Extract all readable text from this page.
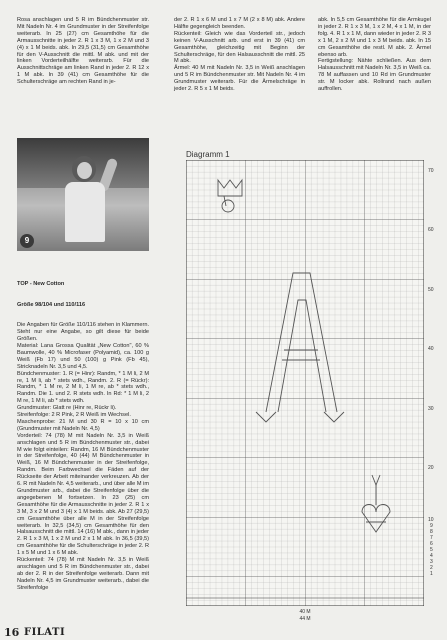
Rosa anschlagen und 5 R im Bündchenmuster str. Mit Nadeln Nr. 4 im Grundmuster in der Streifenfolge weiterarb. In 25 (27) cm Gesamthöhe für die Armausschnitte in jeder 2. R 1 x 3 M, 1 x 2 M und 3 (4) x 1 M beids. abk. In 29,5 (31,5) cm Gesamthöhe für den V-Ausschnitt die mittl. M abk. und mit der linken Vorderteilhälfte weiterarb. Für die Ausschnittschräge am linken Rand in jeder 2. R 12 x 1 M abk. In 39 (41) cm Gesamthöhe für die Schulterschräge am rechten Rand in je-
der 2. R 1 x 6 M und 1 x 7 M (2 x 8 M) abk. Andere Hälfte gegengleich beenden.
Rückenteil: Gleich wie das Vorderteil str., jedoch keinen V-Ausschnitt arb. und erst in 39 (41) cm Gesamthöhe, gleichzeitig mit Beginn der Schulterschräge, für den Halsausschnitt die mittl. 25 M abk.
Ärmel: 40 M mit Nadeln Nr. 3,5 in Weiß anschlagen und 5 R im Bündchenmuster str. Mit Nadeln Nr. 4 im Grundmuster weiterarb. Für die Ärmelschräge in jeder 2. R 5 x 1 M beids.
abk. In 5,5 cm Gesamthöhe für die Armkugel in jeder 2. R 1 x 3 M, 1 x 2 M, 4 x 1 M, in der folg. 4. R 1 x 1 M, dann wieder in jeder 2. R 3 x 1 M, 2 x 2 M und 1 x 3 M beids. abk. In 15 cm Gesamthöhe die restl. M abk. 2. Ärmel ebenso arb.
Fertigstellung: Nähte schließen. Aus dem Halsausschnitt mit Nadeln Nr. 3,5 in Weiß ca. 78 M auffassen und 10 Rd im Grundmuster str. M locker abk. Rollrand nach außen auffrollen.
9

TOP - New Cotton

Größe 98/104 und 110/116

Die Angaben für Größe 110/116 stehen in Klammern. Steht nur eine Angabe, so gilt diese für beide Größen.
Material: Lana Grossa Qualität „New Cotton", 60 % Baumwolle, 40 % Microfaser (Polyamid), ca. 100 g Weiß (Fb 17) und 50 (100) g Pink (Fb 45), Stricknadeln Nr. 3,5 und 4,5.
Bündchenmuster: 1. R (= Hinr): Randm, * 1 M li, 2 M re, 1 M li, ab * stets wdh., Randm. 2. R (= Rückr): Randm, * 1 M re, 2 M li, 1 M re, ab * stets wdh., Randm. Die 1. und 2. R stets wdh. In Rd: * 1 M li, 2 M re, 1 M li, ab * stets wdh.
Grundmuster: Glatt re (Hinr re, Rückr li).
Streifenfolge: 2 R Pink, 2 R Weiß im Wechsel.
Maschenprobe: 21 M und 30 R = 10 x 10 cm (Grundmuster mit Nadeln Nr. 4,5)
Vorderteil: 74 (78) M mit Nadeln Nr. 3,5 in Weiß anschlagen und 5 R im Bündchenmuster str., dabei M wie folgt einteilen: Randm, 16 M Bündchenmuster in der Streifenfolge, 40 (44) M Bündchenmuster in Weiß, 16 M Bündchenmuster in der Streifenfolge, Randm. Beim Farbwechsel die Fäden auf der Rückseite der Arbeit miteinander verkreuzen. Ab der 6. R mit Nadeln Nr. 4,5 weiterarb., und über alle M im Grundmuster arb., dabei die Streifenfolge über die angegebenen M fortsetzen. In 23 (25) cm Gesamthöhe für die Armausschnitte in jeder 2. R 1 x 3 M, 3 x 2 M und 3 (4) x 1 M beids. abk. Ab 27 (29,5) cm Gesamthöhe über alle M in der Streifenfolge weiterarb. In 32,5 (34,5) cm Gesamthöhe für den Halsausschnitt die mittl. 14 (16) M abk., dann in jeder 2. R 1 x 3 M, 1 x 2 M und 2 x 1 M abk. In 36,5 (39,5) cm Gesamthöhe für die Schulterschräge in jeder 2. R 1 x 5 M und 1 x 6 M abk.
Rückenteil: 74 (78) M mit Nadeln Nr. 3,5 in Weiß anschlagen und 5 R im Bündchenmuster str., dabei ab der 2. R in der Streifenfolge weiterarb. Dann mit Nadeln Nr. 4,5 im Grundmuster weiterarb., dabei die Streifenfolge

Diagramm 1
70
60
50
40
30
20
10
9
8
7
6
5
4
3
2
1
40 M
44 M
16 FILATI
